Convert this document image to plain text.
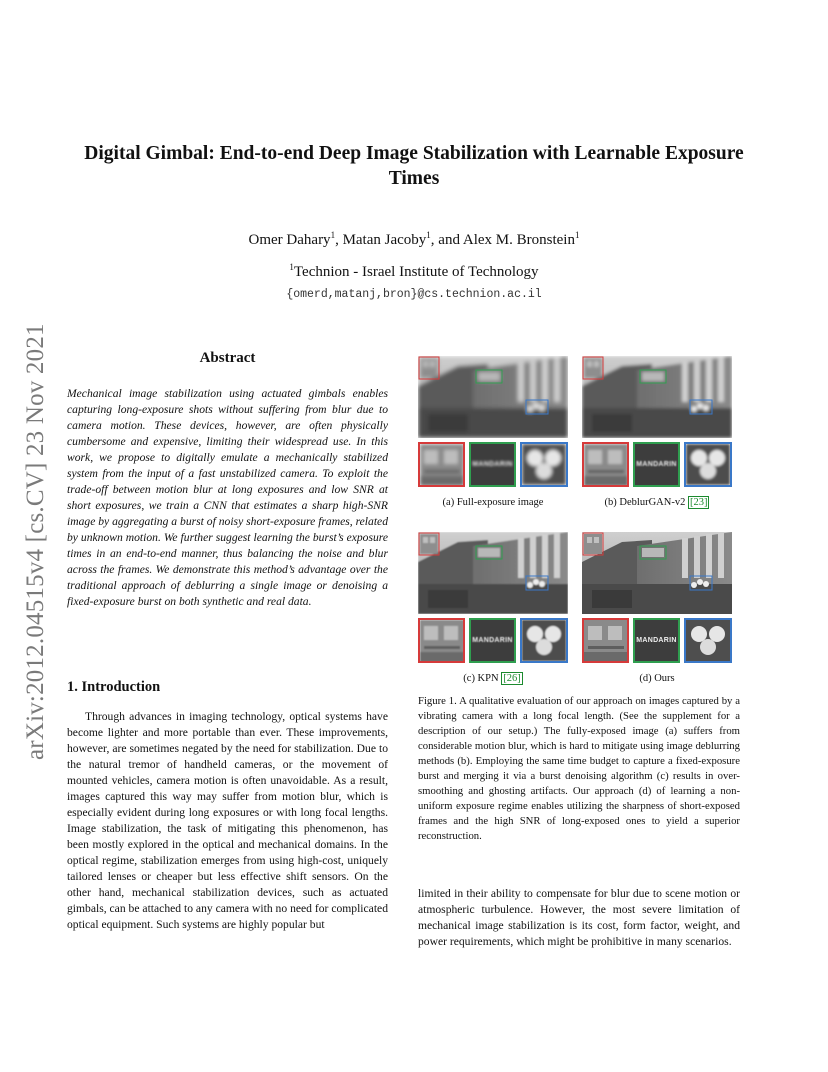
arXiv:2012.04515v4 [cs.CV] 23 Nov 2021
Digital Gimbal: End-to-end Deep Image Stabilization with Learnable Exposure Times
Omer Dahary$^1$, Matan Jacoby$^1$, and Alex M. Bronstein$^1$
$^1$Technion - Israel Institute of Technology
{omerd,matanj,bron}@cs.technion.ac.il
Abstract
Mechanical image stabilization using actuated gimbals enables capturing long-exposure shots without suffering from blur due to camera motion. These devices, however, are often physically cumbersome and expensive, limiting their widespread use. In this work, we propose to digitally emulate a mechanically stabilized system from the input of a fast unstabilized camera. To exploit the trade-off between motion blur at long exposures and low SNR at short exposures, we train a CNN that estimates a sharp high-SNR image by aggregating a burst of noisy short-exposure frames, related by unknown motion. We further suggest learning the burst’s exposure times in an end-to-end manner, thus balancing the noise and blur across the frames. We demonstrate this method’s advantage over the traditional approach of deblurring a single image or denoising a fixed-exposure burst on both synthetic and real data.
1. Introduction

Through advances in imaging technology, optical systems have become lighter and more portable than ever. These improvements, however, are sometimes negated by the need for stabilization. Due to the natural tremor of handheld cameras, or the movement of mounted vehicles, camera motion is often unavoidable. As a result, images captured this way may suffer from motion blur, which is especially evident during long exposures or with long focal lengths. Image stabilization, the task of mitigating this phenomenon, has been mostly explored in the optical and mechanical domains. In the optical regime, stabilization emerges from using high-cost, uniquely tailored lenses or cheaper but less effective shift sensors. On the other hand, mechanical stabilization devices, such as actuated gimbals, can be attached to any camera with no need for complicated optical equipment. Such systems are highly popular but

MANDARIN
(a) Full-exposure image
MANDARIN
(b) DeblurGAN-v2 [23]
MANDARIN
(c) KPN [26]
MANDARIN
(d) Ours
Figure 1. A qualitative evaluation of our approach on images captured by a vibrating camera with a long focal length. (See the supplement for a description of our setup.) The fully-exposed image (a) suffers from considerable motion blur, which is hard to mitigate using image deblurring methods (b). Employing the same time budget to capture a fixed-exposure burst and merging it via a burst denoising algorithm (c) results in over-smoothing and ghosting artifacts. Our approach (d) of learning a non-uniform exposure regime enables utilizing the sharpness of short-exposed frames and the high SNR of long-exposed ones to yield a superior reconstruction.
limited in their ability to compensate for blur due to scene motion or atmospheric turbulence. However, the most severe limitation of mechanical image stabilization is its cost, form factor, weight, and power requirements, which might be prohibitive in many scenarios.
